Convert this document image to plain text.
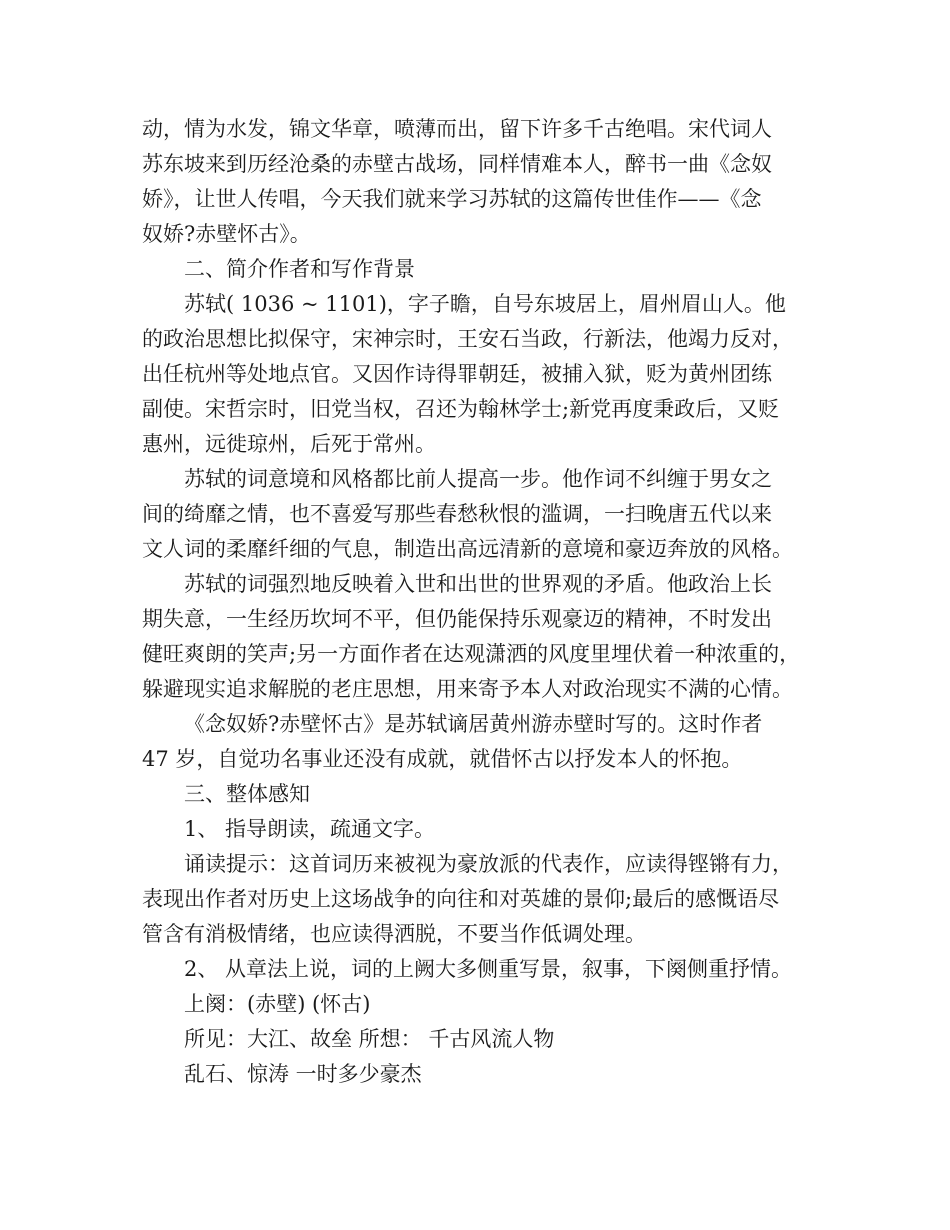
动，情为水发，锦文华章，喷薄而出，留下许多千古绝唱。宋代词人
苏东坡来到历经沧桑的赤壁古战场，同样情难本人，醉书一曲《念奴
娇》，让世人传唱，今天我们就来学习苏轼的这篇传世佳作——《念
奴娇?赤壁怀古》。
二、简介作者和写作背景
苏轼( 1036 ~ 1101)，字子瞻，自号东坡居上，眉州眉山人。他
的政治思想比拟保守，宋神宗时，王安石当政，行新法，他竭力反对，
出任杭州等处地点官。又因作诗得罪朝廷，被捕入狱，贬为黄州团练
副使。宋哲宗时，旧党当权，召还为翰林学士;新党再度秉政后，又贬
惠州，远徙琼州，后死于常州。
苏轼的词意境和风格都比前人提高一步。他作词不纠缠于男女之
间的绮靡之情，也不喜爱写那些春愁秋恨的滥调，一扫晚唐五代以来
文人词的柔靡纤细的气息，制造出高远清新的意境和豪迈奔放的风格。
苏轼的词强烈地反映着入世和出世的世界观的矛盾。他政治上长
期失意，一生经历坎坷不平，但仍能保持乐观豪迈的精神，不时发出
健旺爽朗的笑声;另一方面作者在达观潇洒的风度里埋伏着一种浓重的，
躲避现实追求解脱的老庄思想，用来寄予本人对政治现实不满的心情。
《念奴娇?赤壁怀古》是苏轼谪居黄州游赤壁时写的。这时作者
47 岁，自觉功名事业还没有成就，就借怀古以抒发本人的怀抱。
三、整体感知
1、 指导朗读，疏通文字。
诵读提示：这首词历来被视为豪放派的代表作，应读得铿锵有力，
表现出作者对历史上这场战争的向往和对英雄的景仰;最后的感慨语尽
管含有消极情绪，也应读得洒脱，不要当作低调处理。
2、 从章法上说，词的上阙大多侧重写景，叙事，下阕侧重抒情。
上阕：(赤壁) (怀古)
所见：大江、故垒 所想： 千古风流人物
乱石、惊涛 一时多少豪杰
